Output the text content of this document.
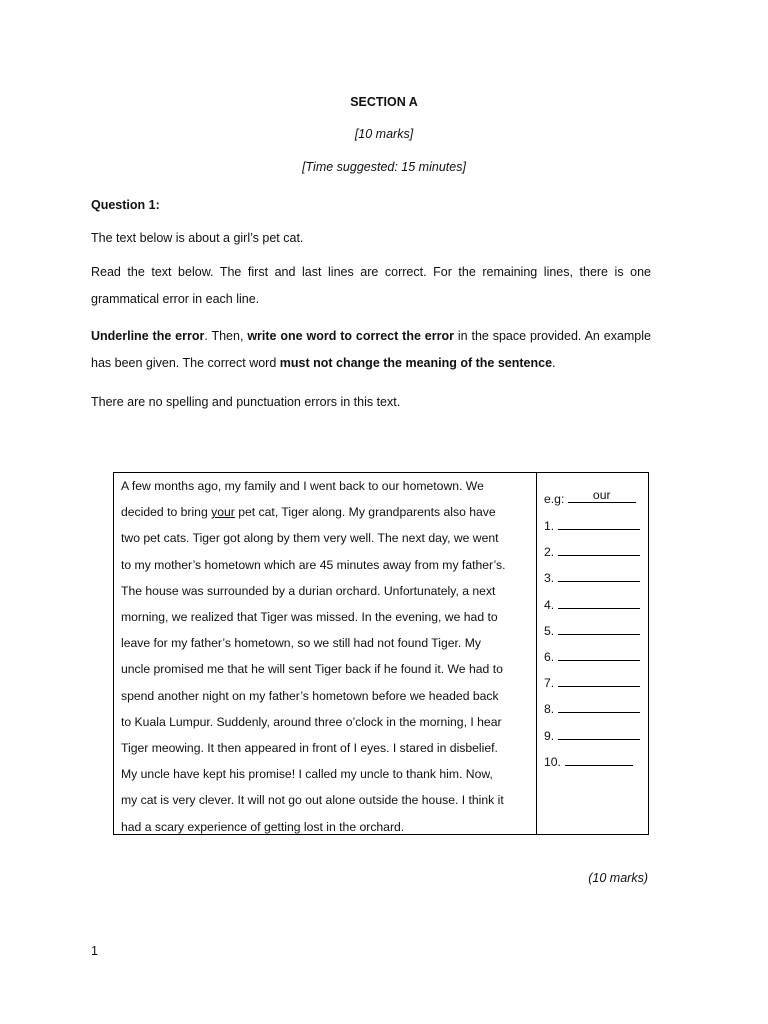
SECTION A
[10 marks]
[Time suggested: 15 minutes]
Question 1:
The text below is about a girl’s pet cat.
Read the text below. The first and last lines are correct. For the remaining lines, there is one grammatical error in each line.
Underline the error. Then, write one word to correct the error in the space provided. An example has been given. The correct word must not change the meaning of the sentence.
There are no spelling and punctuation errors in this text.
A few months ago, my family and I went back to our hometown. We
decided to bring your pet cat, Tiger along. My grandparents also have
two pet cats. Tiger got along by them very well. The next day, we went
to my mother’s hometown which are 45 minutes away from my father’s.
The house was surrounded by a durian orchard. Unfortunately, a next
morning, we realized that Tiger was missed. In the evening, we had to
leave for my father’s hometown, so we still had not found Tiger. My
uncle promised me that he will sent Tiger back if he found it. We had to
spend another night on my father’s hometown before we headed back
to Kuala Lumpur. Suddenly, around three o’clock in the morning, I hear
Tiger meowing. It then appeared in front of I eyes. I stared in disbelief.
My uncle have kept his promise! I called my uncle to thank him. Now,
my cat is very clever. It will not go out alone outside the house. I think it
had a scary experience of getting lost in the orchard.
e.g:	our
1.
2.
3.
4.
5.
6.
7.
8.
9.
10.
(10 marks)
1
